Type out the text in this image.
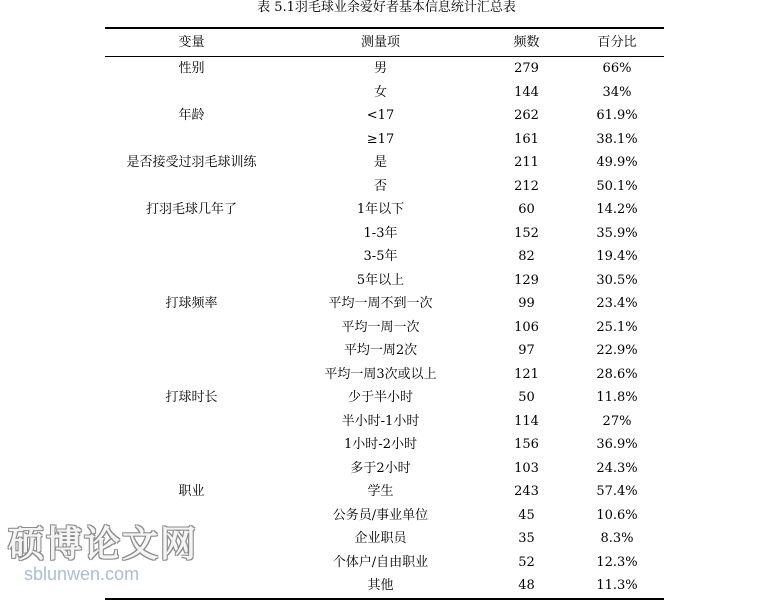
表 5.1羽毛球业余爱好者基本信息统计汇总表
变量	测量项	频数	百分比
性别	男	279	66%
	女	144	34%
年龄	<17	262	61.9%
	≥17	161	38.1%
是否接受过羽毛球训练	是	211	49.9%
	否	212	50.1%
打羽毛球几年了	1年以下	60	14.2%
	1-3年	152	35.9%
	3-5年	82	19.4%
	5年以上	129	30.5%
打球频率	平均一周不到一次	99	23.4%
	平均一周一次	106	25.1%
	平均一周2次	97	22.9%
	平均一周3次或以上	121	28.6%
打球时长	少于半小时	50	11.8%
	半小时-1小时	114	27%
	1小时-2小时	156	36.9%
	多于2小时	103	24.3%
职业	学生	243	57.4%
	公务员/事业单位	45	10.6%
	企业职员	35	8.3%
	个体户/自由职业	52	12.3%
	其他	48	11.3%
硕博论文网
sblunwen.com
